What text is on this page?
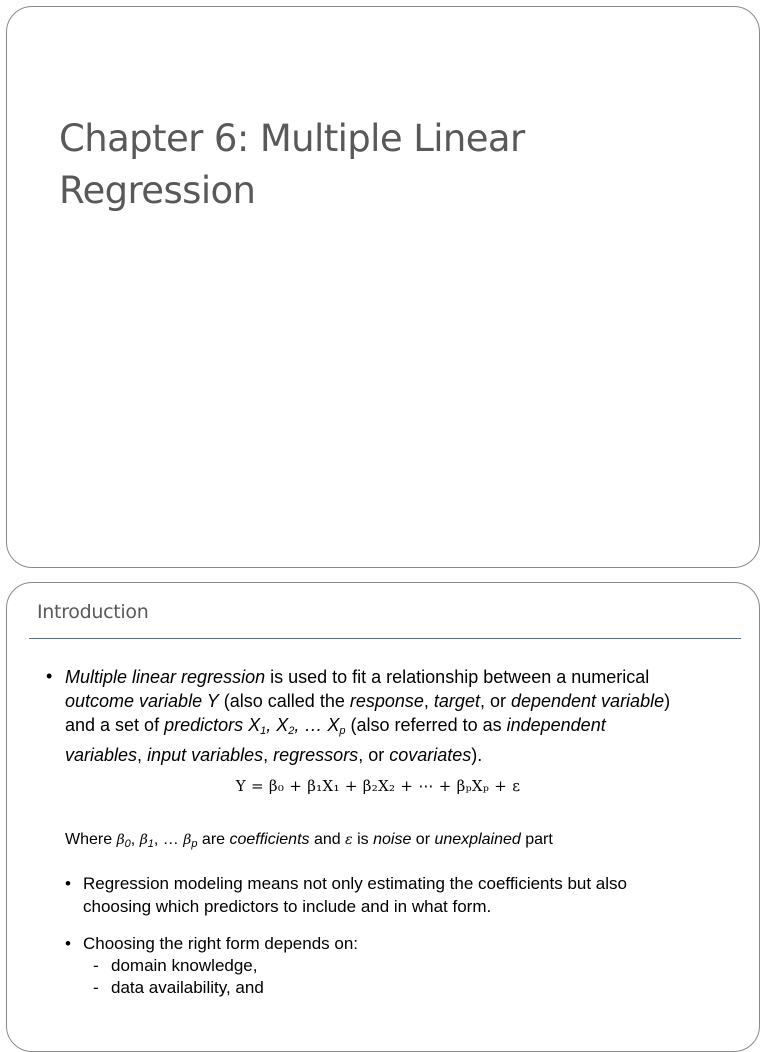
Chapter 6: Multiple Linear
Regression
Introduction
• Multiple linear regression is used to fit a relationship between a numerical outcome variable Y (also called the response, target, or dependent variable) and a set of predictors $X_1$, $X_2$, … $X_p$ (also referred to as independent variables, input variables, regressors, or covariates).
Y = β₀ + β₁X₁ + β₂X₂ + ⋯ + βₚXₚ + ε
Where $\beta_0$, $\beta_1$, … $\beta_p$ are coefficients and ε is noise or unexplained part
• Regression modeling means not only estimating the coefficients but also choosing which predictors to include and in what form.
• Choosing the right form depends on:
- domain knowledge,
- data availability, and
